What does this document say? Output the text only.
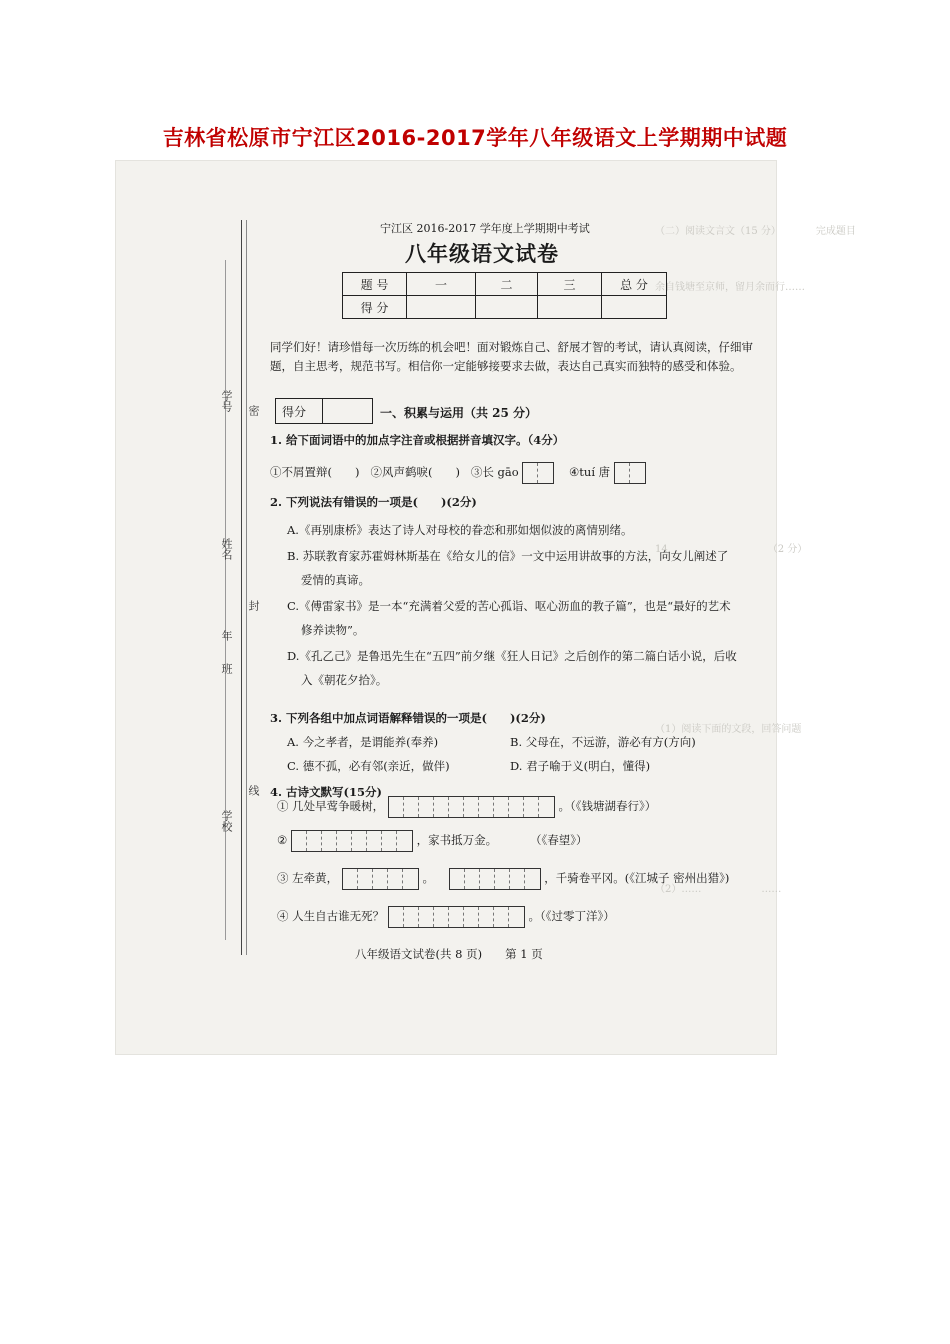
吉林省松原市宁江区2016-2017学年八年级语文上学期期中试题
（二）阅读文言文（15 分）　　　　完成题目
余自钱塘至京师，留月余而行……
14．　　　　　　　　　　（2 分）
（1）阅读下面的文段，回答问题
（2）……　　　　　　……
学号
姓名
年　　班
学校
密
封
线
宁江区 2016-2017 学年度上学期期中考试
八年级语文试卷
题 号	一	二	三	总 分
得 分				
同学们好！请珍惜每一次历练的机会吧！面对锻炼自己、舒展才智的考试，请认真阅读，仔细审题，自主思考，规范书写。相信你一定能够接要求去做，表达自己真实而独特的感受和体验。
得分	一、积累与运用（共 25 分）
1. 给下面词语中的加点字注音或根据拼音填汉字。（4分）
①不屑置辩(　　) ②风声鹤唳(　　) ③长 gāo	④tuí 唐
2. 下列说法有错误的一项是(　　)(2分)
A.《再别康桥》表达了诗人对母校的眷恋和那如烟似波的离情别绪。
B. 苏联教育家苏霍姆林斯基在《给女儿的信》一文中运用讲故事的方法，向女儿阐述了
爱情的真谛。
C.《傅雷家书》是一本“充满着父爱的苦心孤诣、呕心沥血的教子篇”，也是“最好的艺术
修养读物”。
D.《孔乙己》是鲁迅先生在“五四”前夕继《狂人日记》之后创作的第二篇白话小说，后收
入《朝花夕拾》。
3. 下列各组中加点词语解释错误的一项是(　　)(2分)
A. 今之孝者，是谓能养(奉养)	B. 父母在，不远游，游必有方(方向)
C. 德不孤，必有邻(亲近，做伴)	D. 君子喻于义(明白，懂得)
4. 古诗文默写(15分)
① 几处早莺争暖树，	。（《钱塘湖春行》）
②	，家书抵万金。	（《春望》）
③ 左牵黄，	。	，千骑卷平冈。(《江城子 密州出猎》)
④ 人生自古谁无死？	。（《过零丁洋》）
八年级语文试卷(共 8 页)　　第 1 页
